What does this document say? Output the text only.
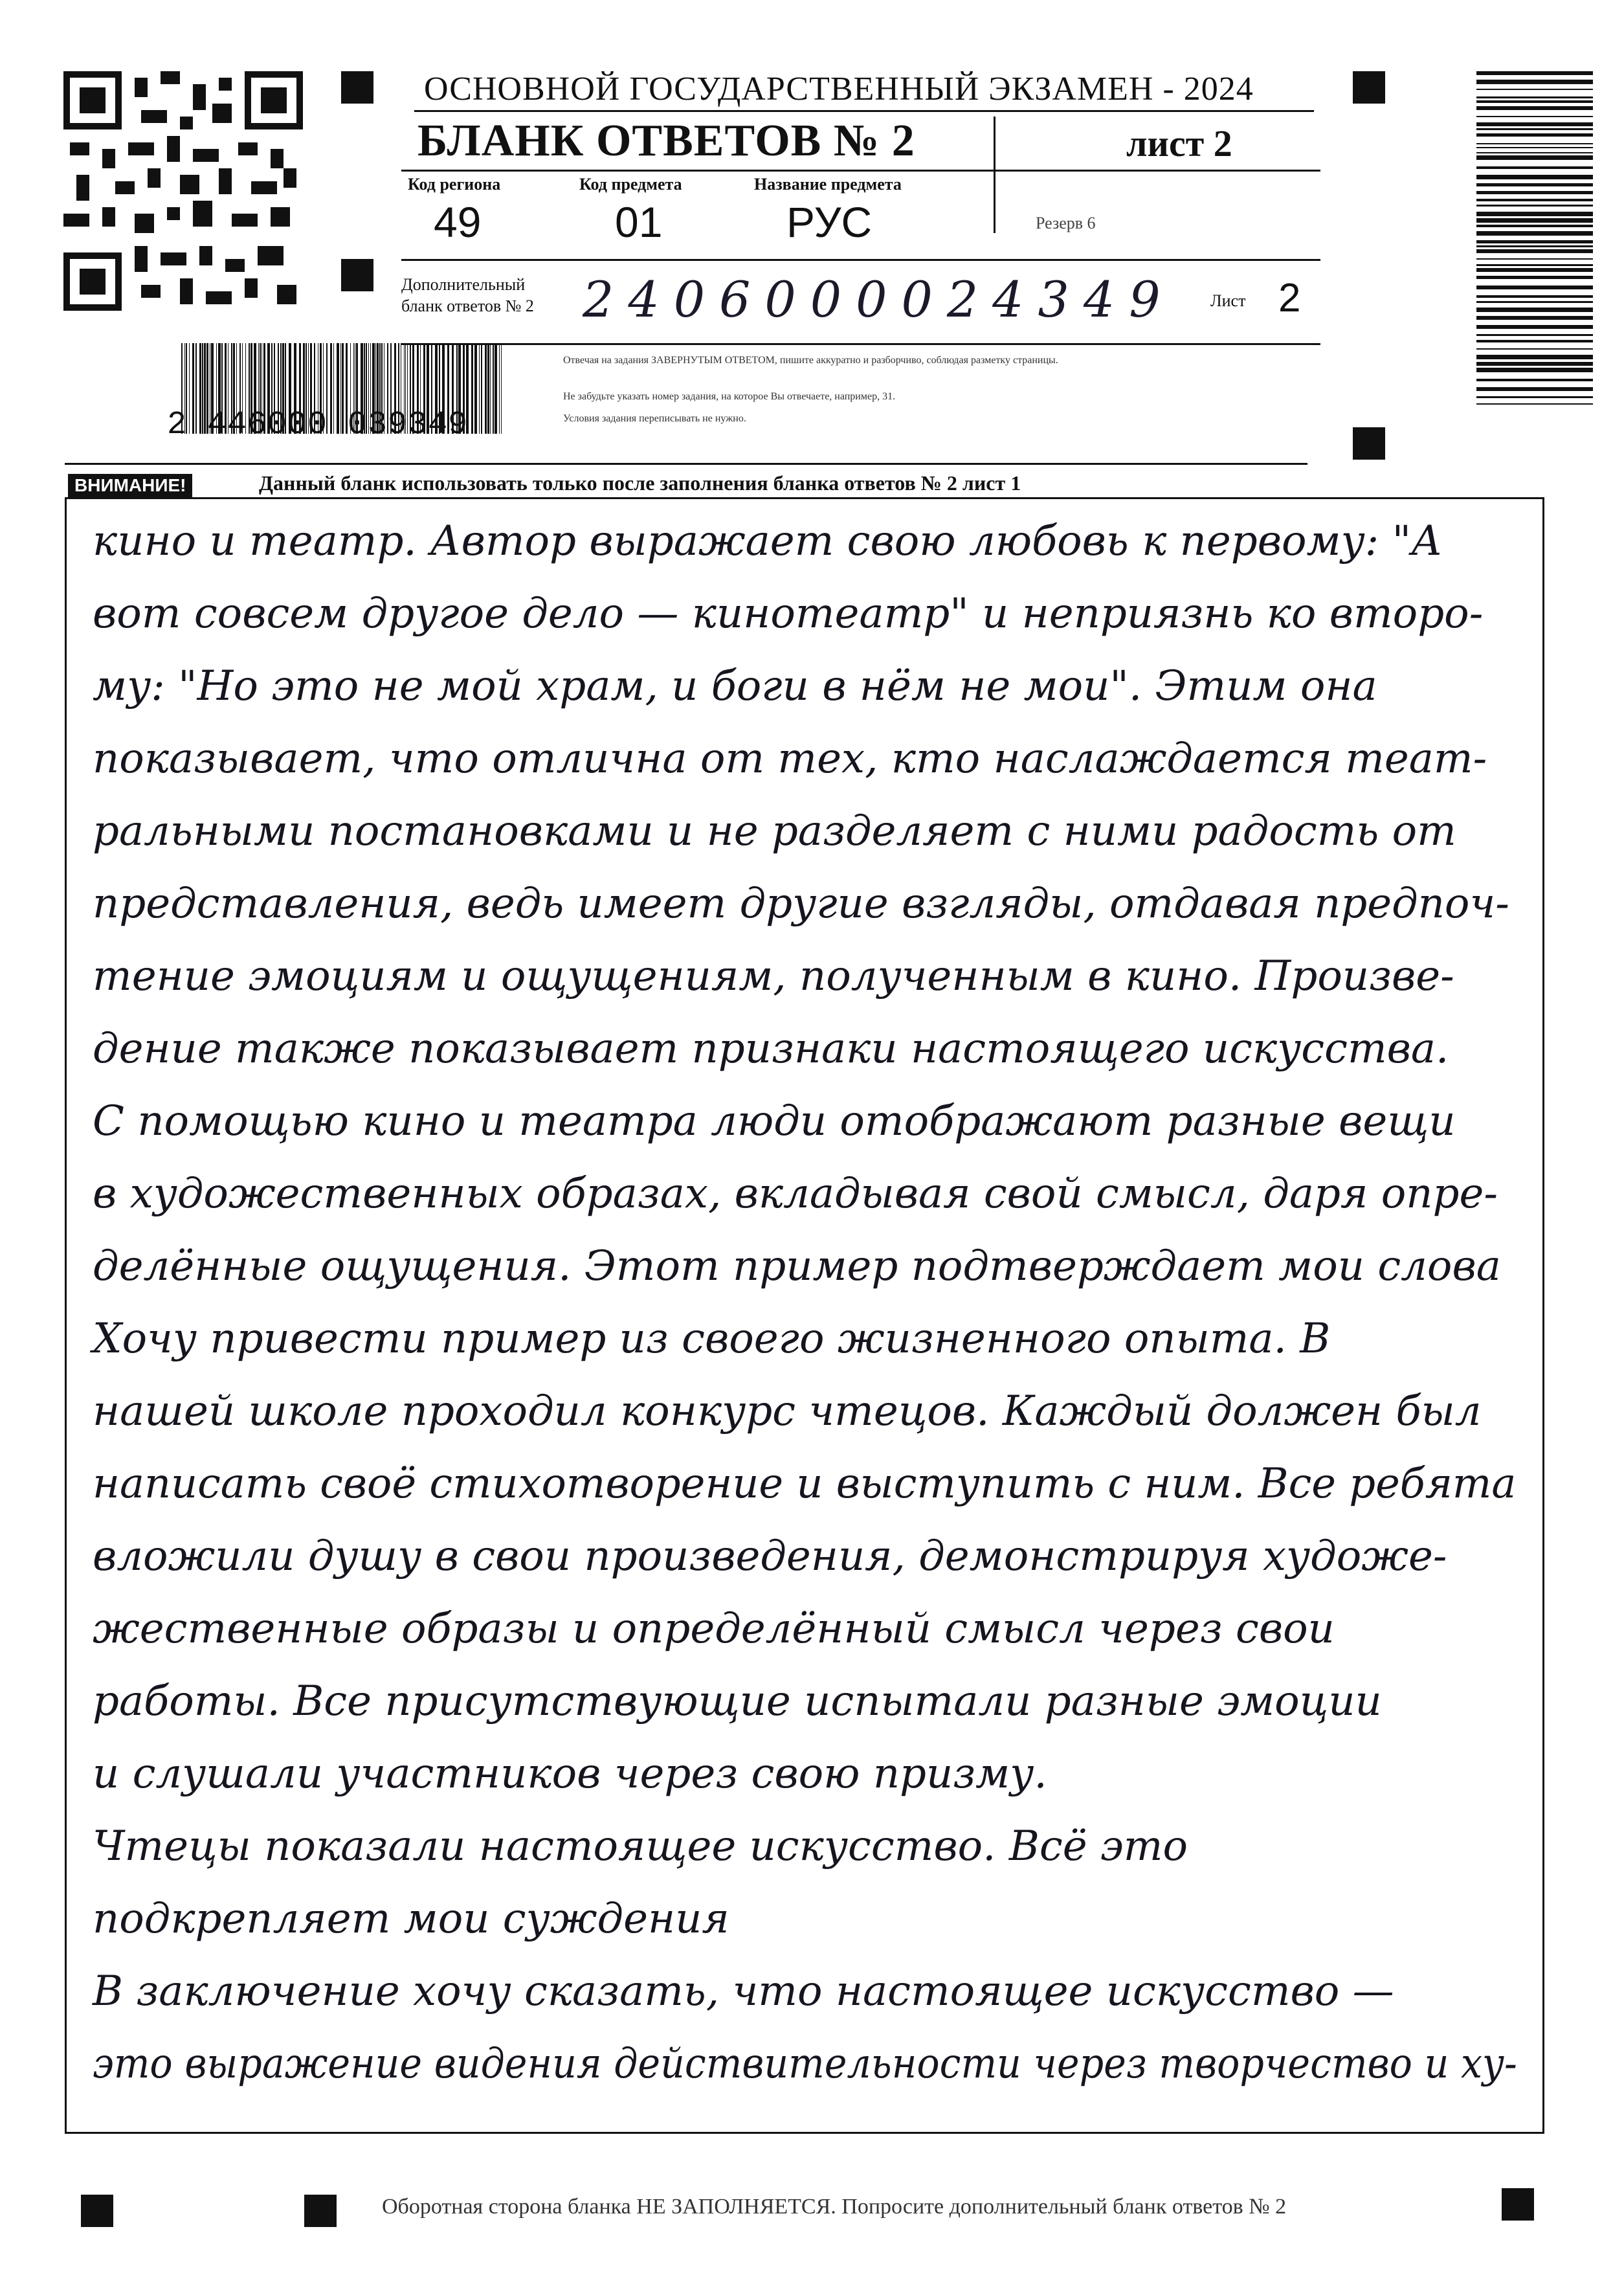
ОСНОВНОЙ ГОСУДАРСТВЕННЫЙ ЭКЗАМЕН - 2024
БЛАНК ОТВЕТОВ № 2	лист 2
Код региона
49
Код предмета
01
Название предмета
РУС	Резерв 6
Дополнительный
бланк ответов № 2 2406000024349 Лист 2
Отвечая на задания ЗАВЕРНУТЫМ ОТВЕТОМ, пишите аккуратно и разборчиво, соблюдая разметку страницы.
Не забудьте указать номер задания, на которое Вы отвечаете, например, 31.
Условия задания переписывать не нужно.
2 446000 039349
ВНИМАНИЕ!	Данный бланк использовать только после заполнения бланка ответов № 2 лист 1
кино и театр. Автор выражает свою любовь к первому: "А
вот совсем другое дело — кинотеатр" и неприязнь ко второ-
му: "Но это не мой храм, и боги в нём не мои". Этим она
показывает, что отлична от тех, кто наслаждается теат-
ральными постановками и не разделяет с ними радость от
представления, ведь имеет другие взгляды, отдавая предпоч-
тение эмоциям и ощущениям, полученным в кино. Произве-
дение также показывает признаки настоящего искусства.
С помощью кино и театра люди отображают разные вещи
в художественных образах, вкладывая свой смысл, даря опре-
делённые ощущения. Этот пример подтверждает мои слова
Хочу привести пример из своего жизненного опыта. В
нашей школе проходил конкурс чтецов. Каждый должен был
написать своё стихотворение и выступить с ним. Все ребята
вложили душу в свои произведения, демонстрируя художе-
жественные образы и определённый смысл через свои
работы. Все присутствующие испытали разные эмоции
и слушали участников через свою призму.
Чтецы показали настоящее искусство. Всё это
подкрепляет мои суждения
В заключение хочу сказать, что настоящее искусство —
это выражение видения действительности через творчество и ху-
Оборотная сторона бланка НЕ ЗАПОЛНЯЕТСЯ. Попросите дополнительный бланк ответов № 2
